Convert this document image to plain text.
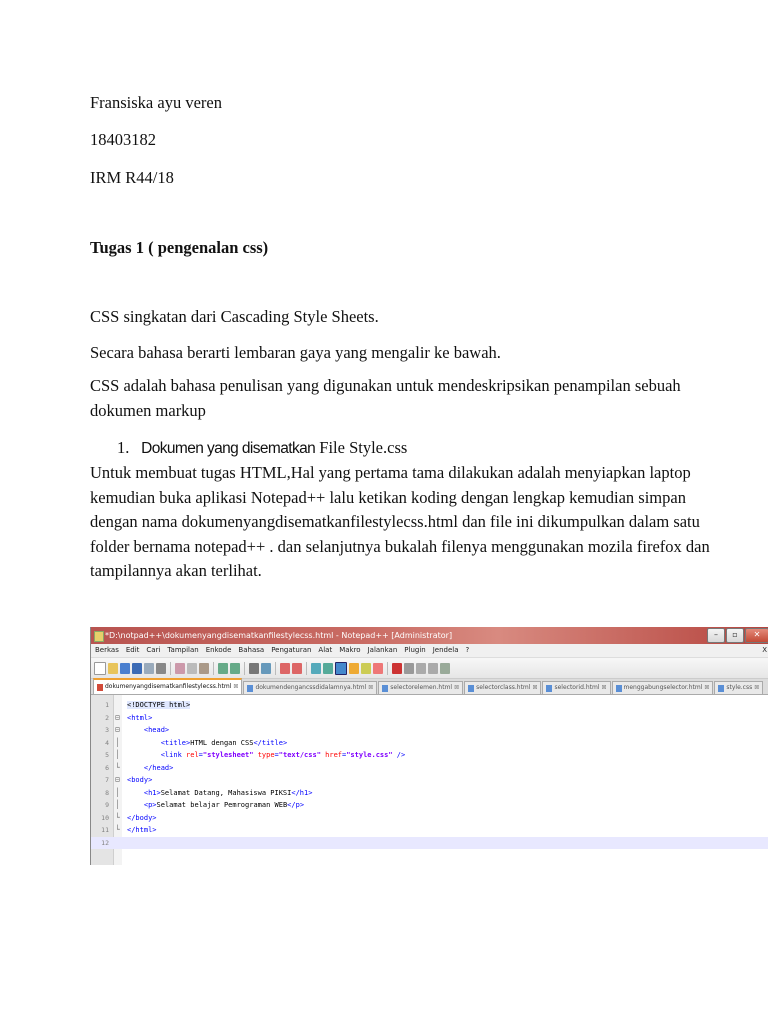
Fransiska ayu veren
18403182
IRM R44/18
Tugas 1 ( pengenalan css)
CSS singkatan dari Cascading Style Sheets.
Secara bahasa berarti lembaran gaya yang mengalir ke bawah.
CSS adalah bahasa penulisan yang digunakan untuk mendeskripsikan penampilan sebuah dokumen markup
1. Dokumen yang disematkan File Style.css
Untuk membuat tugas HTML,Hal yang pertama tama dilakukan adalah menyiapkan laptop kemudian buka aplikasi Notepad++ lalu ketikan koding dengan lengkap kemudian simpan dengan nama dokumenyangdisematkanfilestylecss.html dan file ini dikumpulkan dalam satu folder bernama notepad++ . dan selanjutnya bukalah filenya menggunakan mozila firefox dan tampilannya akan terlihat.
*D:\notpad++\dokumenyangdisematkanfilestylecss.html - Notepad++ [Administrator]	–	▫	✕
Berkas Edit Cari Tampilan Enkode Bahasa Pengaturan Alat Makro Jalankan Plugin Jendela ?	X
dokumenyangdisematkanfilestylecss.html ⊠	dokumendengancssdidalamnya.html ⊠	selectorelemen.html ⊠	selectorclass.html ⊠	selectorid.html ⊠	menggabungselector.html ⊠	style.css ⊠
1	<!DOCTYPE html>
2 ⊟ <html>
3 ⊟	<head>
4 │	<title>HTML dengan CSS</title>
5 │	<link rel="stylesheet" type="text/css" href="style.css" />
6 └	</head>
7 ⊟ <body>
8 │	<h1>Selamat Datang, Mahasiswa PIKSI</h1>
9 │	<p>Selamat belajar Pemrograman WEB</p>
10 └ </body>
11 └ </html>
12
